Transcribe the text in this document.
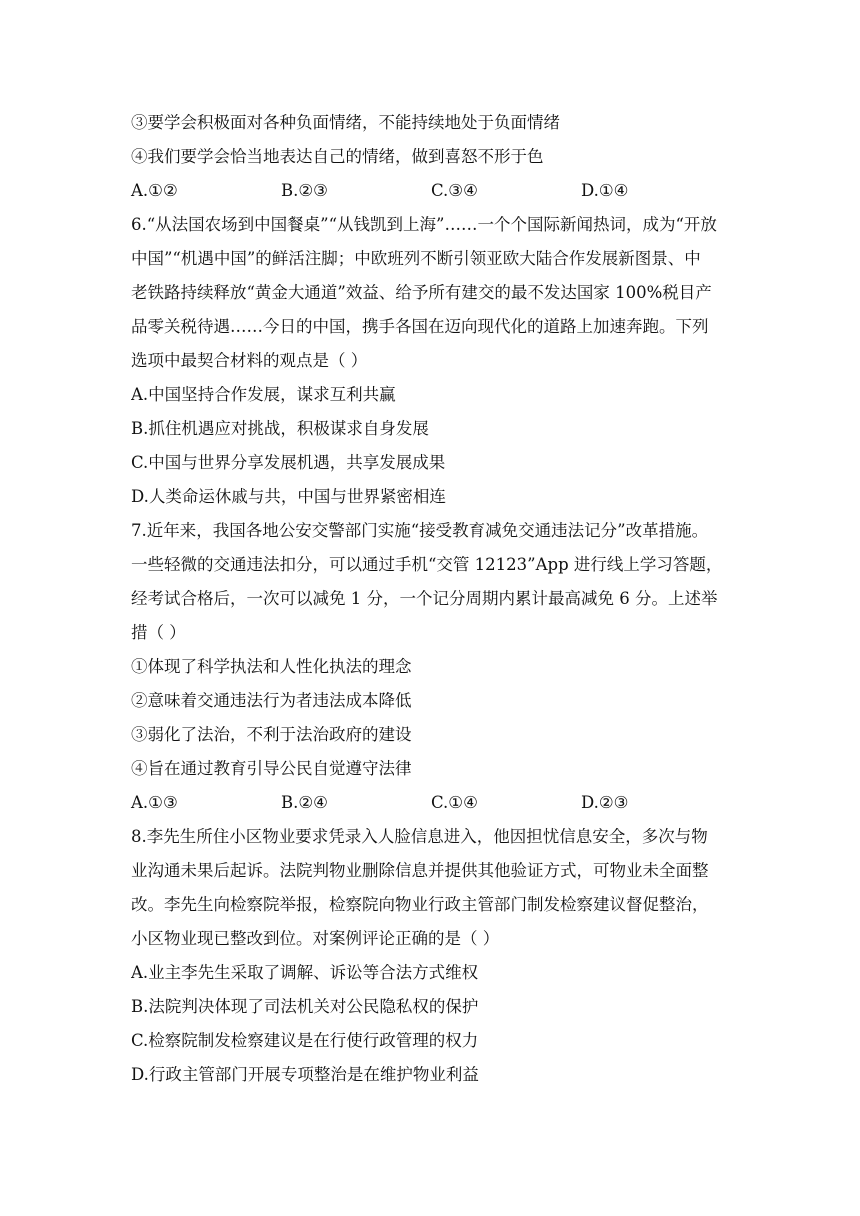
③要学会积极面对各种负面情绪，不能持续地处于负面情绪
④我们要学会恰当地表达自己的情绪，做到喜怒不形于色
A.①②	B.②③	C.③④	D.①④
6.“从法国农场到中国餐桌”“从钱凯到上海”……一个个国际新闻热词，成为“开放
中国”“机遇中国”的鲜活注脚；中欧班列不断引领亚欧大陆合作发展新图景、中
老铁路持续释放“黄金大通道”效益、给予所有建交的最不发达国家 100%税目产
品零关税待遇……今日的中国，携手各国在迈向现代化的道路上加速奔跑。下列
选项中最契合材料的观点是（ ）
A.中国坚持合作发展，谋求互利共赢
B.抓住机遇应对挑战，积极谋求自身发展
C.中国与世界分享发展机遇，共享发展成果
D.人类命运休戚与共，中国与世界紧密相连
7.近年来，我国各地公安交警部门实施“接受教育减免交通违法记分”改革措施。
一些轻微的交通违法扣分，可以通过手机“交管 12123”App 进行线上学习答题，
经考试合格后，一次可以减免 1 分，一个记分周期内累计最高减免 6 分。上述举
措（ ）
①体现了科学执法和人性化执法的理念
②意味着交通违法行为者违法成本降低
③弱化了法治，不利于法治政府的建设
④旨在通过教育引导公民自觉遵守法律
A.①③	B.②④	C.①④	D.②③
8.李先生所住小区物业要求凭录入人脸信息进入，他因担忧信息安全，多次与物
业沟通未果后起诉。法院判物业删除信息并提供其他验证方式，可物业未全面整
改。李先生向检察院举报，检察院向物业行政主管部门制发检察建议督促整治，
小区物业现已整改到位。对案例评论正确的是（ ）
A.业主李先生采取了调解、诉讼等合法方式维权
B.法院判决体现了司法机关对公民隐私权的保护
C.检察院制发检察建议是在行使行政管理的权力
D.行政主管部门开展专项整治是在维护物业利益
